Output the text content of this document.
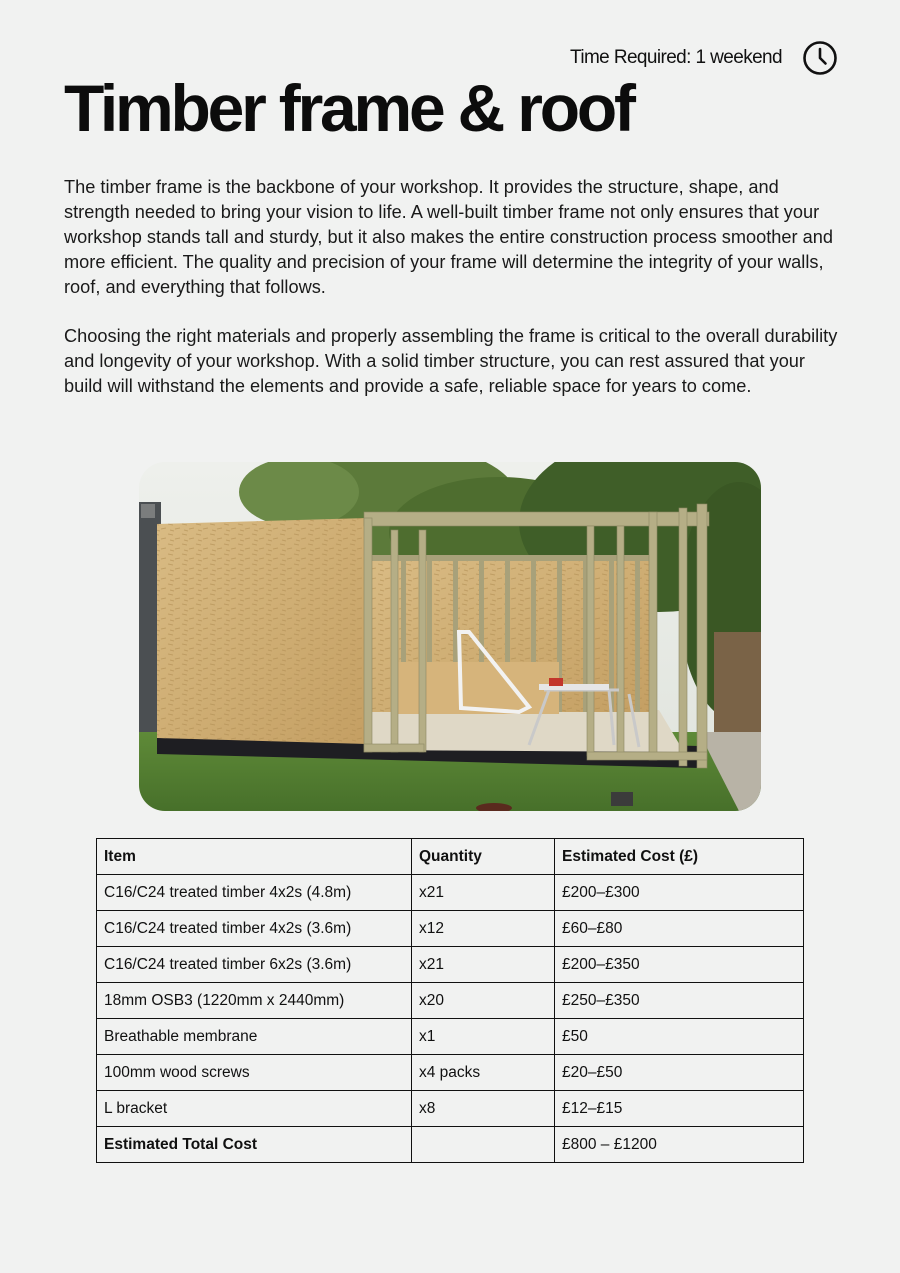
Time Required: 1 weekend
Timber frame & roof

The timber frame is the backbone of your workshop. It provides the structure, shape, and strength needed to bring your vision to life. A well-built timber frame not only ensures that your workshop stands tall and sturdy, but it also makes the entire construction process smoother and more efficient. The quality and precision of your frame will determine the integrity of your walls, roof, and everything that follows.

Choosing the right materials and properly assembling the frame is critical to the overall durability and longevity of your workshop. With a solid timber structure, you can rest assured that your build will withstand the elements and provide a safe, reliable space for years to come.

Item	Quantity	Estimated Cost (£)
C16/C24 treated timber 4x2s (4.8m)	x21	£200–£300
C16/C24 treated timber 4x2s (3.6m)	x12	£60–£80
C16/C24 treated timber 6x2s (3.6m)	x21	£200–£350
18mm OSB3 (1220mm x 2440mm)	x20	£250–£350
Breathable membrane	x1	£50
100mm wood screws	x4 packs	£20–£50
L bracket	x8	£12–£15
Estimated Total Cost		£800 – £1200
